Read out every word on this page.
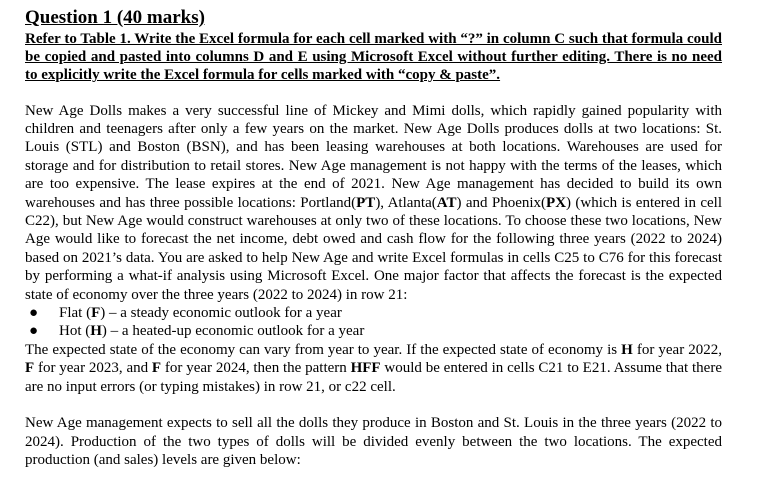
Question 1 (40 marks)

Refer to Table 1. Write the Excel formula for each cell marked with “?” in column C such that formula could be copied and pasted into columns D and E using Microsoft Excel without further editing. There is no need to explicitly write the Excel formula for cells marked with “copy & paste”.

New Age Dolls makes a very successful line of Mickey and Mimi dolls, which rapidly gained popularity with children and teenagers after only a few years on the market. New Age Dolls produces dolls at two locations: St. Louis (STL) and Boston (BSN), and has been leasing warehouses at both locations. Warehouses are used for storage and for distribution to retail stores. New Age management is not happy with the terms of the leases, which are too expensive. The lease expires at the end of 2021. New Age management has decided to build its own warehouses and has three possible locations: Portland(PT), Atlanta(AT) and Phoenix(PX) (which is entered in cell C22), but New Age would construct warehouses at only two of these locations. To choose these two locations, New Age would like to forecast the net income, debt owed and cash flow for the following three years (2022 to 2024) based on 2021’s data. You are asked to help New Age and write Excel formulas in cells C25 to C76 for this forecast by performing a what-if analysis using Microsoft Excel. One major factor that affects the forecast is the expected state of economy over the three years (2022 to 2024) in row 21:

● Flat (F) – a steady economic outlook for a year
● Hot (H) – a heated-up economic outlook for a year

The expected state of the economy can vary from year to year. If the expected state of economy is H for year 2022, F for year 2023, and F for year 2024, then the pattern HFF would be entered in cells C21 to E21. Assume that there are no input errors (or typing mistakes) in row 21, or c22 cell.

New Age management expects to sell all the dolls they produce in Boston and St. Louis in the three years (2022 to 2024). Production of the two types of dolls will be divided evenly between the two locations. The expected production (and sales) levels are given below:
